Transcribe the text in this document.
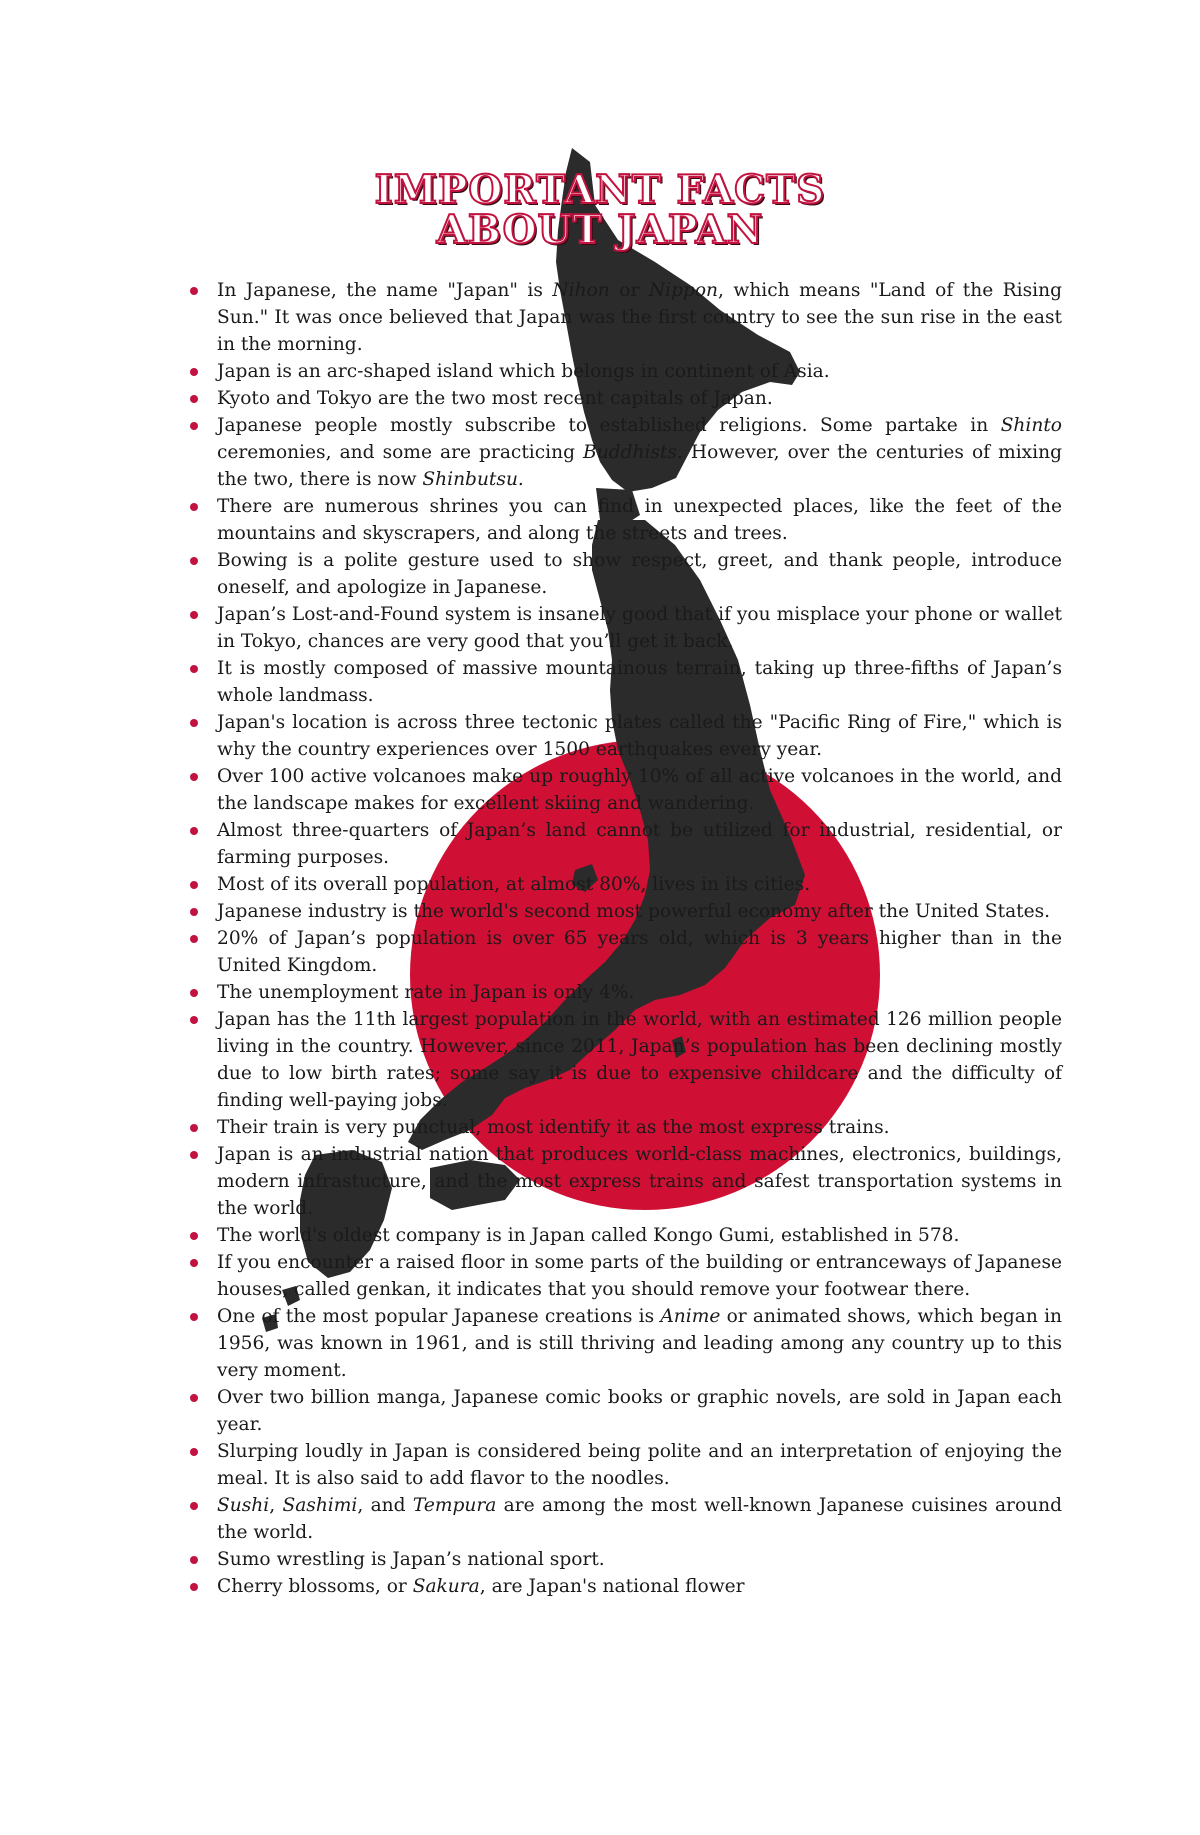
IMPORTANT FACTS
ABOUT JAPAN
In Japanese, the name "Japan" is Nihon or Nippon, which means "Land of the Rising Sun." It was once believed that Japan was the first country to see the sun rise in the east in the morning.
Japan is an arc-shaped island which belongs in continent of Asia.
Kyoto and Tokyo are the two most recent capitals of Japan.
Japanese people mostly subscribe to established religions. Some partake in Shinto ceremonies, and some are practicing Buddhists. However, over the centuries of mixing the two, there is now Shinbutsu.
There are numerous shrines you can find in unexpected places, like the feet of the mountains and skyscrapers, and along the streets and trees.
Bowing is a polite gesture used to show respect, greet, and thank people, introduce oneself, and apologize in Japanese.
Japan’s Lost-and-Found system is insanely good that if you misplace your phone or wallet in Tokyo, chances are very good that you’ll get it back.
It is mostly composed of massive mountainous terrain, taking up three-fifths of Japan’s whole landmass.
Japan's location is across three tectonic plates called the "Pacific Ring of Fire," which is why the country experiences over 1500 earthquakes every year.
Over 100 active volcanoes make up roughly 10% of all active volcanoes in the world, and the landscape makes for excellent skiing and wandering.
Almost three-quarters of Japan’s land cannot be utilized for industrial, residential, or farming purposes.
Most of its overall population, at almost 80%, lives in its cities.
Japanese industry is the world's second most powerful economy after the United States.
20% of Japan’s population is over 65 years old, which is 3 years higher than in the United Kingdom.
The unemployment rate in Japan is only 4%.
Japan has the 11th largest population in the world, with an estimated 126 million people living in the country. However, since 2011, Japan’s population has been declining mostly due to low birth rates; some say it is due to expensive childcare and the difficulty of finding well-paying jobs.
Their train is very punctual, most identify it as the most express trains.
Japan is an industrial nation that produces world-class machines, electronics, buildings, modern infrastucture, and the most express trains and safest transportation systems in the world.
The world's oldest company is in Japan called Kongo Gumi, established in 578.
If you encounter a raised floor in some parts of the building or entranceways of Japanese houses, called genkan, it indicates that you should remove your footwear there.
One of the most popular Japanese creations is Anime or animated shows, which began in 1956, was known in 1961, and is still thriving and leading among any country up to this very moment.
Over two billion manga, Japanese comic books or graphic novels, are sold in Japan each year.
Slurping loudly in Japan is considered being polite and an interpretation of enjoying the meal. It is also said to add flavor to the noodles.
Sushi, Sashimi, and Tempura are among the most well-known Japanese cuisines around the world.
Sumo wrestling is Japan’s national sport.
Cherry blossoms, or Sakura, are Japan's national flower
